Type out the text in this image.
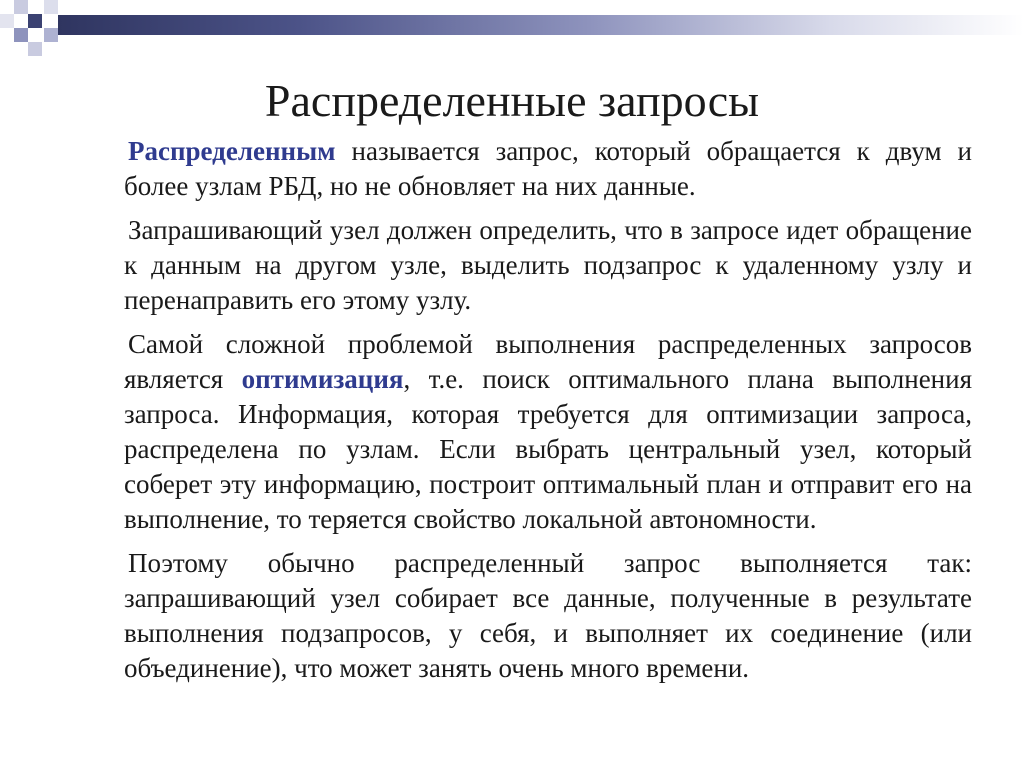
Распределенные запросы

Распределенным называется запрос, который обращается к двум и более узлам РБД, но не обновляет на них данные.

Запрашивающий узел должен определить, что в запросе идет обращение к данным на другом узле, выделить подзапрос к удаленному узлу и перенаправить его этому узлу.

Самой сложной проблемой выполнения распределенных запросов является оптимизация, т.е. поиск оптимального плана выполнения запроса. Информация, которая требуется для оптимизации запроса, распределена по узлам. Если выбрать центральный узел, который соберет эту информацию, построит оптимальный план и отправит его на выполнение, то теряется свойство локальной автономности.

Поэтому обычно распределенный запрос выполняется так: запрашивающий узел собирает все данные, полученные в результате выполнения подзапросов, у себя, и выполняет их соединение (или объединение), что может занять очень много времени.
